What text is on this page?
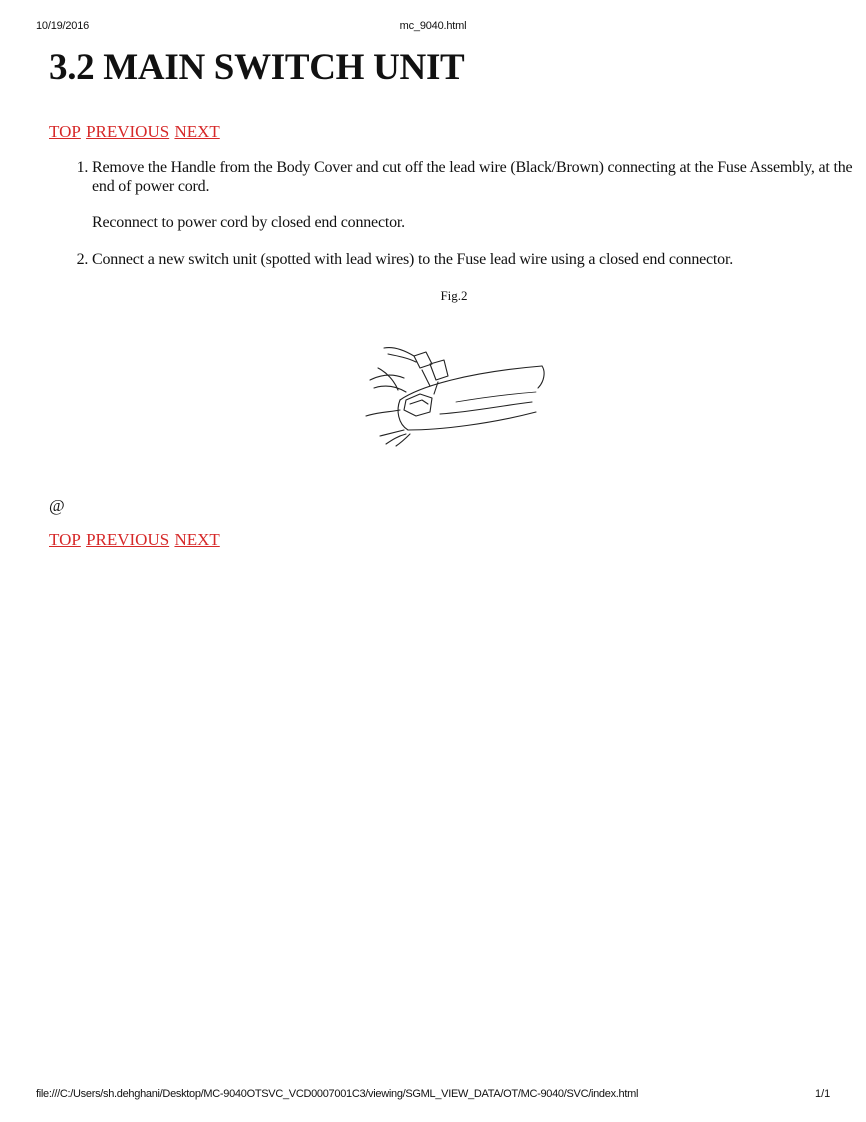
10/19/2016	mc_9040.html
3.2 MAIN SWITCH UNIT
TOP PREVIOUS NEXT
1. Remove the Handle from the Body Cover and cut off the lead wire (Black/Brown) connecting at the Fuse Assembly, at the end of power cord.

Reconnect to power cord by closed end connector.

2. Connect a new switch unit (spotted with lead wires) to the Fuse lead wire using a closed end connector.
Fig.2
@
TOP PREVIOUS NEXT
file:///C:/Users/sh.dehghani/Desktop/MC-9040OTSVC_VCD0007001C3/viewing/SGML_VIEW_DATA/OT/MC-9040/SVC/index.html	1/1
